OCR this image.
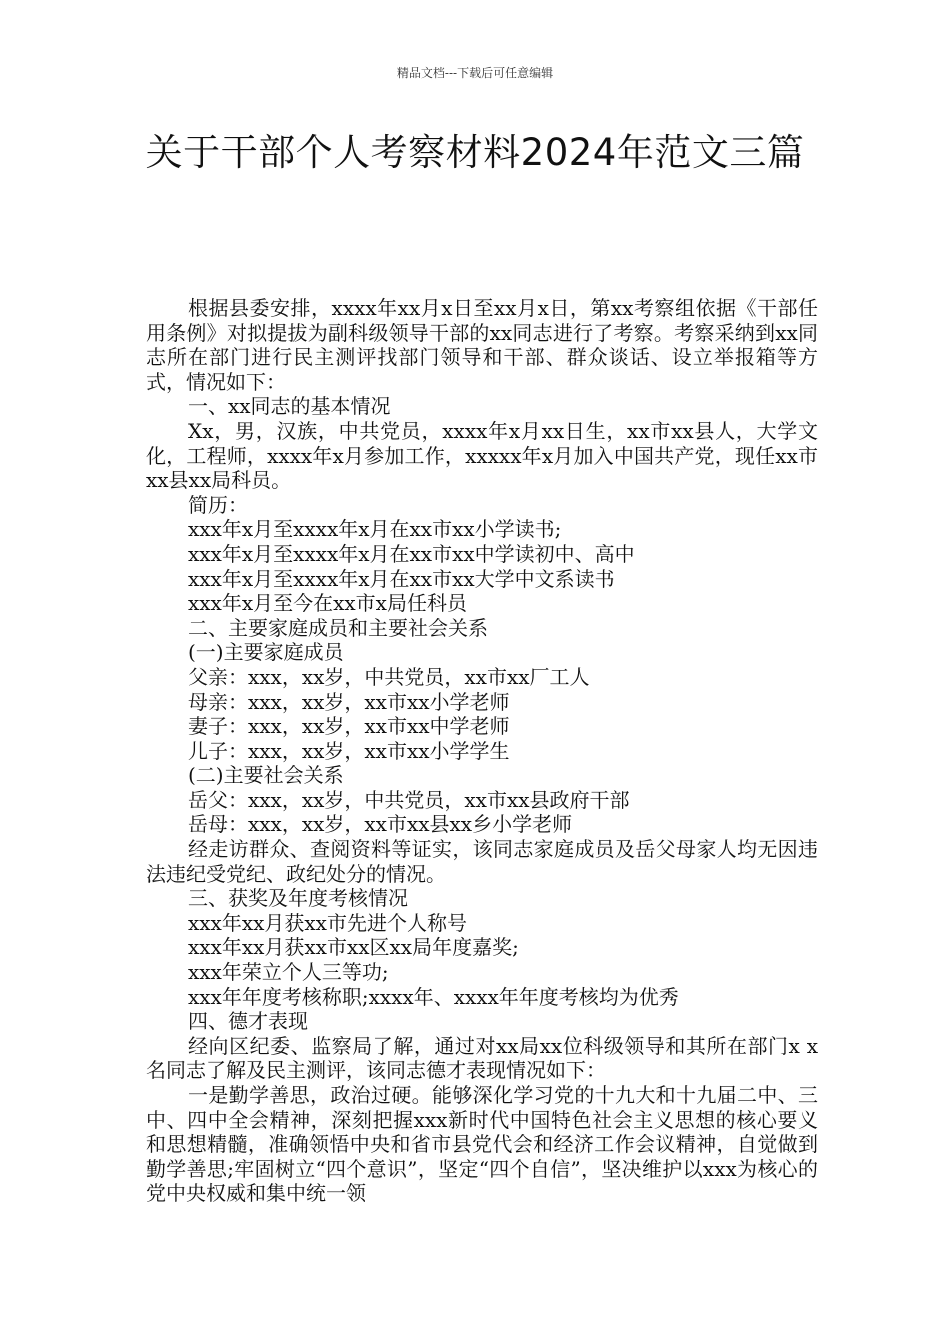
精品文档---下载后可任意编辑
关于干部个人考察材料2024年范文三篇

根据县委安排，xxxx年xx月x日至xx月x日，第xx考察组依据《干部任用条例》对拟提拔为副科级领导干部的xx同志进行了考察。考察采纳到xx同志所在部门进行民主测评找部门领导和干部、群众谈话、设立举报箱等方式，情况如下：

一、xx同志的基本情况

Xx，男，汉族，中共党员，xxxx年x月xx日生，xx市xx县人，大学文化，工程师，xxxx年x月参加工作，xxxxx年x月加入中国共产党，现任xx市xx县xx局科员。

简历：

xxx年x月至xxxx年x月在xx市xx小学读书;

xxx年x月至xxxx年x月在xx市xx中学读初中、高中

xxx年x月至xxxx年x月在xx市xx大学中文系读书

xxx年x月至今在xx市x局任科员

二、主要家庭成员和主要社会关系

(一)主要家庭成员

父亲：xxx，xx岁，中共党员，xx市xx厂工人

母亲：xxx，xx岁，xx市xx小学老师

妻子：xxx，xx岁，xx市xx中学老师

儿子：xxx，xx岁，xx市xx小学学生

(二)主要社会关系

岳父：xxx，xx岁，中共党员，xx市xx县政府干部

岳母：xxx，xx岁，xx市xx县xx乡小学老师

经走访群众、查阅资料等证实，该同志家庭成员及岳父母家人均无因违法违纪受党纪、政纪处分的情况。

三、获奖及年度考核情况

xxx年xx月获xx市先进个人称号

xxx年xx月获xx市xx区xx局年度嘉奖;

xxx年荣立个人三等功;

xxx年年度考核称职;xxxx年、xxxx年年度考核均为优秀

四、德才表现

经向区纪委、监察局了解，通过对xx局xx位科级领导和其所在部门x x名同志了解及民主测评，该同志德才表现情况如下：

一是勤学善思，政治过硬。能够深化学习党的十九大和十九届二中、三中、四中全会精神，深刻把握xxx新时代中国特色社会主义思想的核心要义和思想精髓，准确领悟中央和省市县党代会和经济工作会议精神，自觉做到勤学善思;牢固树立“四个意识”，坚定“四个自信”，坚决维护以xxx为核心的党中央权威和集中统一领
